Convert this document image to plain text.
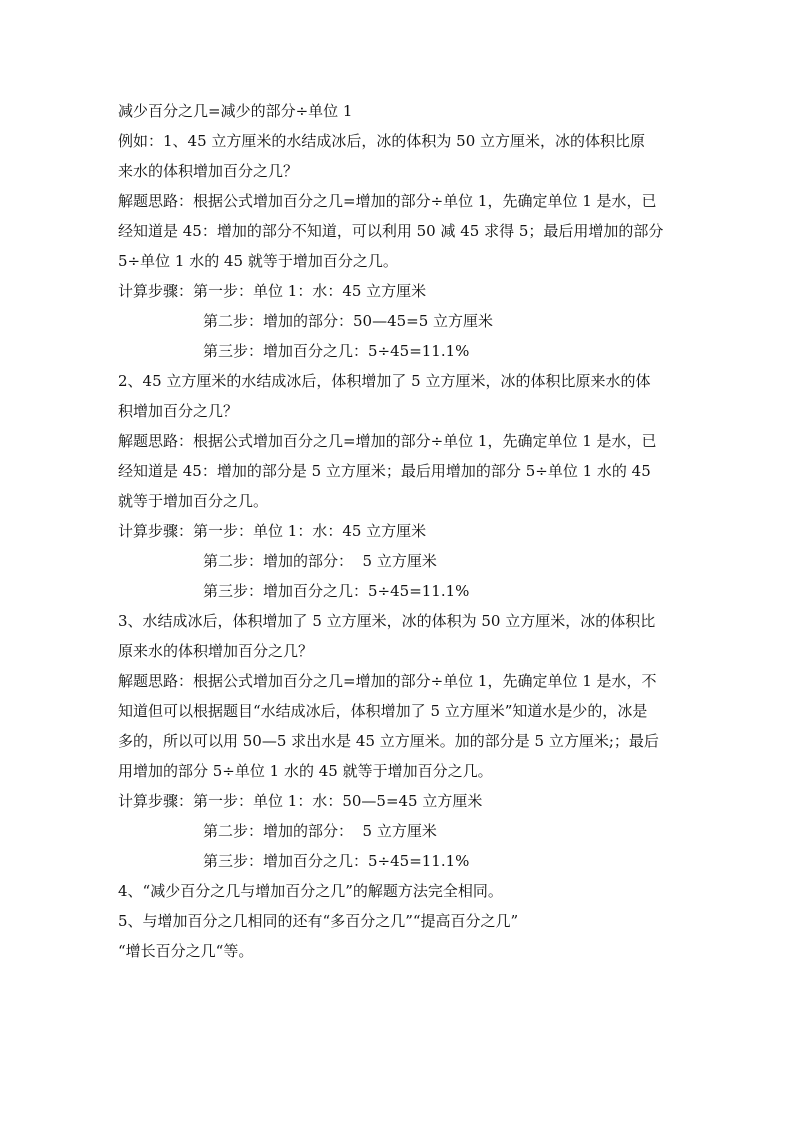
减少百分之几=减少的部分÷单位 1
例如：1、45 立方厘米的水结成冰后，冰的体积为 50 立方厘米，冰的体积比原
来水的体积增加百分之几？
解题思路：根据公式增加百分之几=增加的部分÷单位 1，先确定单位 1 是水，已
经知道是 45：增加的部分不知道，可以利用 50 减 45 求得 5；最后用增加的部分
5÷单位 1 水的 45 就等于增加百分之几。
计算步骤：第一步：单位 1：水：45 立方厘米
第二步：增加的部分：50—45=5 立方厘米
第三步：增加百分之几：5÷45=11.1%
2、45 立方厘米的水结成冰后，体积增加了 5 立方厘米，冰的体积比原来水的体
积增加百分之几？
解题思路：根据公式增加百分之几=增加的部分÷单位 1，先确定单位 1 是水，已
经知道是 45：增加的部分是 5 立方厘米；最后用增加的部分 5÷单位 1 水的 45
就等于增加百分之几。
计算步骤：第一步：单位 1：水：45 立方厘米
第二步：增加的部分：  5 立方厘米
第三步：增加百分之几：5÷45=11.1%
3、水结成冰后，体积增加了 5 立方厘米，冰的体积为 50 立方厘米，冰的体积比
原来水的体积增加百分之几？
解题思路：根据公式增加百分之几=增加的部分÷单位 1，先确定单位 1 是水，不
知道但可以根据题目“水结成冰后，体积增加了 5 立方厘米”知道水是少的，冰是
多的，所以可以用 50—5 求出水是 45 立方厘米。加的部分是 5 立方厘米;；最后
用增加的部分 5÷单位 1 水的 45 就等于增加百分之几。
计算步骤：第一步：单位 1：水：50—5=45 立方厘米
第二步：增加的部分：  5 立方厘米
第三步：增加百分之几：5÷45=11.1%
4、“减少百分之几与增加百分之几”的解题方法完全相同。
5、与增加百分之几相同的还有“多百分之几”“提高百分之几”
“增长百分之几“等。
